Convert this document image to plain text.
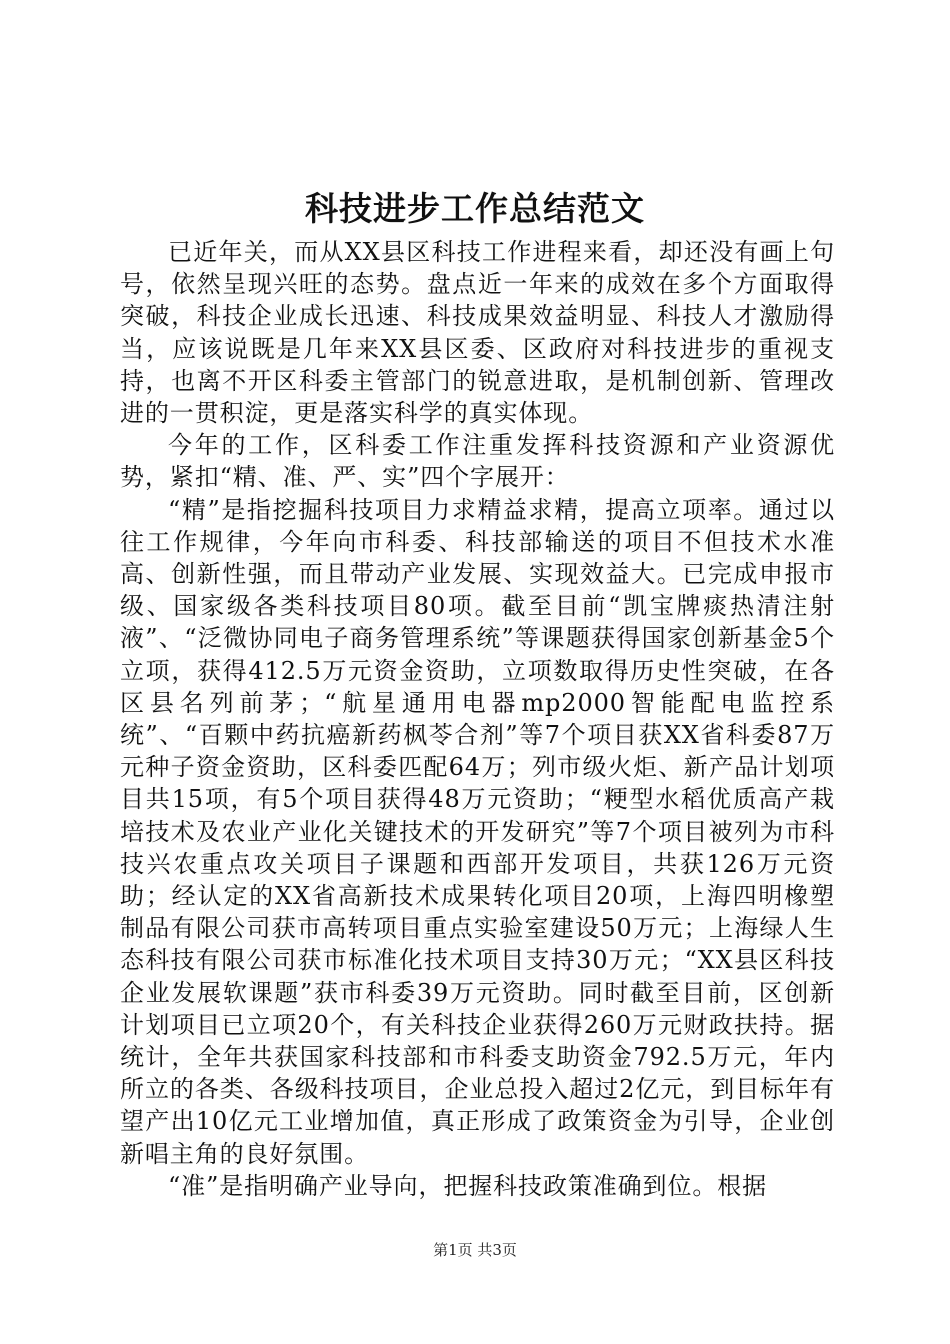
科技进步工作总结范文

已近年关，而从XX县区科技工作进程来看，却还没有画上句号，依然呈现兴旺的态势。盘点近一年来的成效在多个方面取得突破，科技企业成长迅速、科技成果效益明显、科技人才激励得当，应该说既是几年来XX县区委、区政府对科技进步的重视支持，也离不开区科委主管部门的锐意进取，是机制创新、管理改进的一贯积淀，更是落实科学的真实体现。

今年的工作，区科委工作注重发挥科技资源和产业资源优势，紧扣“精、准、严、实”四个字展开：

“精”是指挖掘科技项目力求精益求精，提高立项率。通过以往工作规律，今年向市科委、科技部输送的项目不但技术水准高、创新性强，而且带动产业发展、实现效益大。已完成申报市级、国家级各类科技项目80项。截至目前“凯宝牌痰热清注射液”、“泛微协同电子商务管理系统”等课题获得国家创新基金5个立项，获得412.5万元资金资助，立项数取得历史性突破，在各区县名列前茅；“航星通用电器mp2000智能配电监控系统”、“百颗中药抗癌新药枫苓合剂”等7个项目获XX省科委87万元种子资金资助，区科委匹配64万；列市级火炬、新产品计划项目共15项，有5个项目获得48万元资助；“粳型水稻优质高产栽培技术及农业产业化关键技术的开发研究”等7个项目被列为市科技兴农重点攻关项目子课题和西部开发项目，共获126万元资助；经认定的XX省高新技术成果转化项目20项，上海四明橡塑制品有限公司获市高转项目重点实验室建设50万元；上海绿人生态科技有限公司获市标准化技术项目支持30万元；“XX县区科技企业发展软课题”获市科委39万元资助。同时截至目前，区创新计划项目已立项20个，有关科技企业获得260万元财政扶持。据统计，全年共获国家科技部和市科委支助资金792.5万元，年内所立的各类、各级科技项目，企业总投入超过2亿元，到目标年有望产出10亿元工业增加值，真正形成了政策资金为引导，企业创新唱主角的良好氛围。

“准”是指明确产业导向，把握科技政策准确到位。根据

第1页 共3页
